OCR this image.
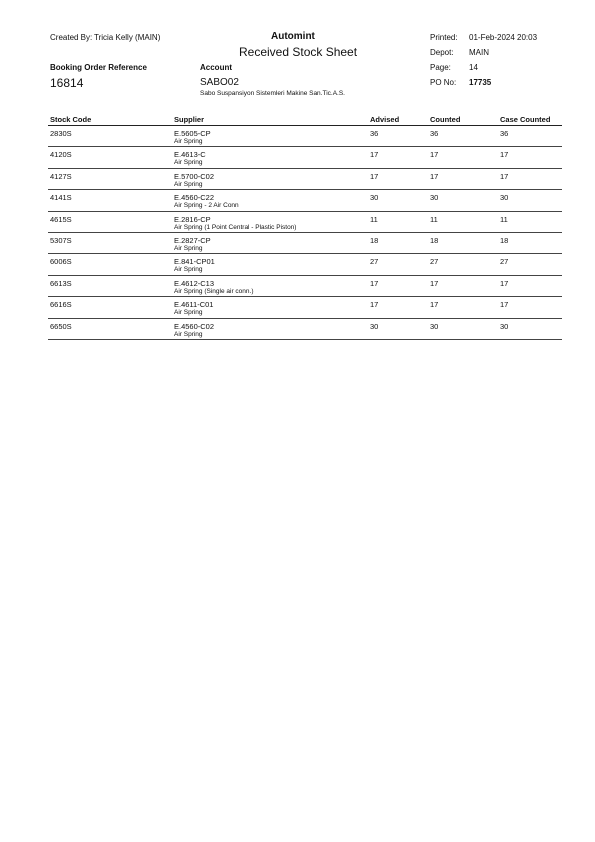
Created By: Tricia Kelly (MAIN)	Automint
Received Stock Sheet
Printed: 01-Feb-2024 20:03
Depot: MAIN
Page: 14
PO No: 17735
Booking Order Reference
16814
Account
SABO02
Sabo Suspansiyon Sistemleri Makine San.Tic.A.S.
Stock Code	Supplier	Advised	Counted	Case Counted
2830S	E.5605-CP
Air Spring
36	36	36
4120S	E.4613-C
Air Spring
17	17	17
4127S	E.5700-C02
Air Spring
17	17	17
4141S	E.4560-C22
Air Spring - 2 Air Conn
30	30	30
4615S	E.2816-CP
Air Spring (1 Point Central - Plastic Piston)
11	11	11
5307S	E.2827-CP
Air Spring
18	18	18
6006S	E.841-CP01
Air Spring
27	27	27
6613S	E.4612-C13
Air Spring (Single air conn.)
17	17	17
6616S	E.4611-C01
Air Spring
17	17	17
6650S	E.4560-C02
Air Spring
30	30	30
